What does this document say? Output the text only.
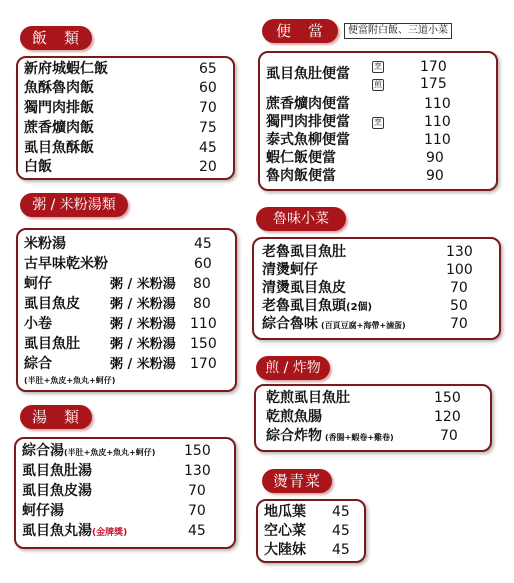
飯　類
新府城蝦仁飯	65
魚酥魯肉飯	60
獨門肉排飯	70
蔗香爌肉飯	75
虱目魚酥飯	45
白飯	20
粥 / 米粉湯類
米粉湯	45
古早味乾米粉	60
蚵仔	粥 / 米粉湯 80
虱目魚皮 粥 / 米粉湯 80
小卷	粥 / 米粉湯 110
虱目魚肚 粥 / 米粉湯 150
綜合	粥 / 米粉湯 170
(半肚+魚皮+魚丸+蚵仔)
湯　類
綜合湯(半肚+魚皮+魚丸+蚵仔) 150
虱目魚肚湯	130
虱目魚皮湯	70
蚵仔湯	70
虱目魚丸湯(金牌獎)	45
便　當	便當附白飯、三道小菜
虱目魚肚便當	烹	170
煎	175
蔗香爌肉便當	110
獨門肉排便當	烹	110
泰式魚柳便當	110
蝦仁飯便當	90
魯肉飯便當	90
魯味小菜
老魯虱目魚肚	130
清燙蚵仔	100
清燙虱目魚皮	70
老魯虱目魚頭(2個)	50
綜合魯味 (百頁豆腐+海帶+滷蛋)	70
煎 / 炸物
乾煎虱目魚肚	150
乾煎魚腸	120
綜合炸物 (香腸+蝦卷+雞卷)	70
燙青菜
地瓜葉 45
空心菜 45
大陸妹 45
